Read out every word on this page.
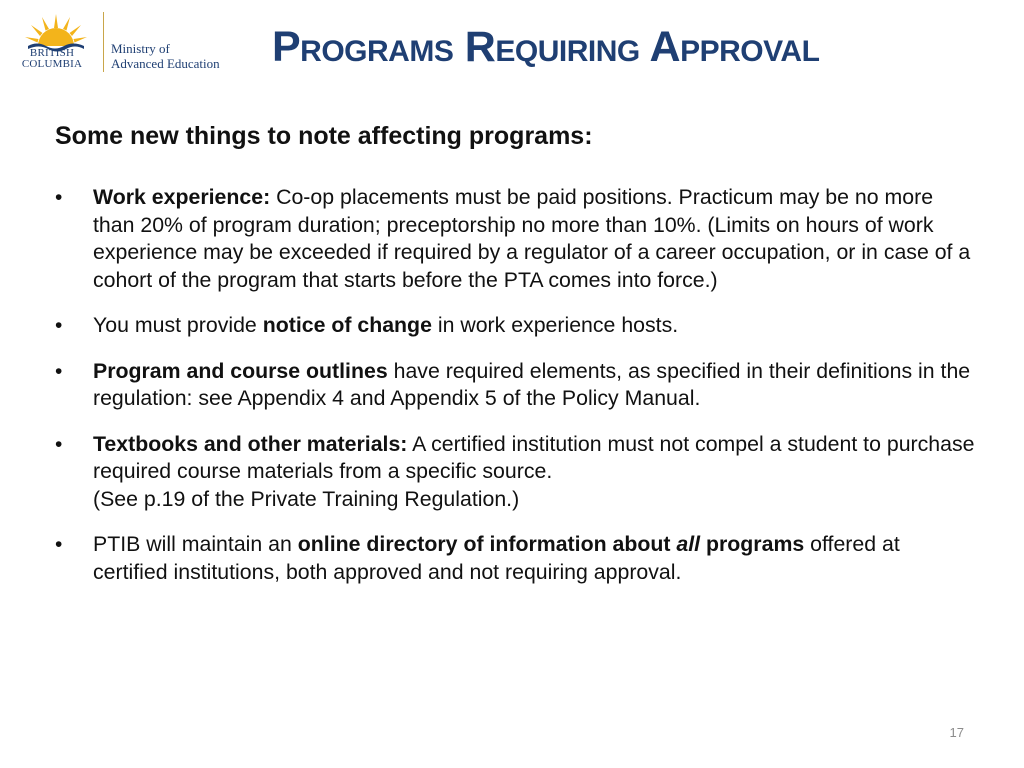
BRITISH
COLUMBIA
Ministry of
Advanced Education Programs Requiring Approval
Some new things to note affecting programs:
•	Work experience: Co-op placements must be paid positions. Practicum may be no more than 20% of program duration; preceptorship no more than 10%. (Limits on hours of work experience may be exceeded if required by a regulator of a career occupation, or in case of a cohort of the program that starts before the PTA comes into force.)
•	You must provide notice of change in work experience hosts.
•	Program and course outlines have required elements, as specified in their definitions in the regulation: see Appendix 4 and Appendix 5 of the Policy Manual.
•	Textbooks and other materials: A certified institution must not compel a student to purchase required course materials from a specific source.
(See p.19 of the Private Training Regulation.)
•	PTIB will maintain an online directory of information about all programs offered at certified institutions, both approved and not requiring approval.
17
